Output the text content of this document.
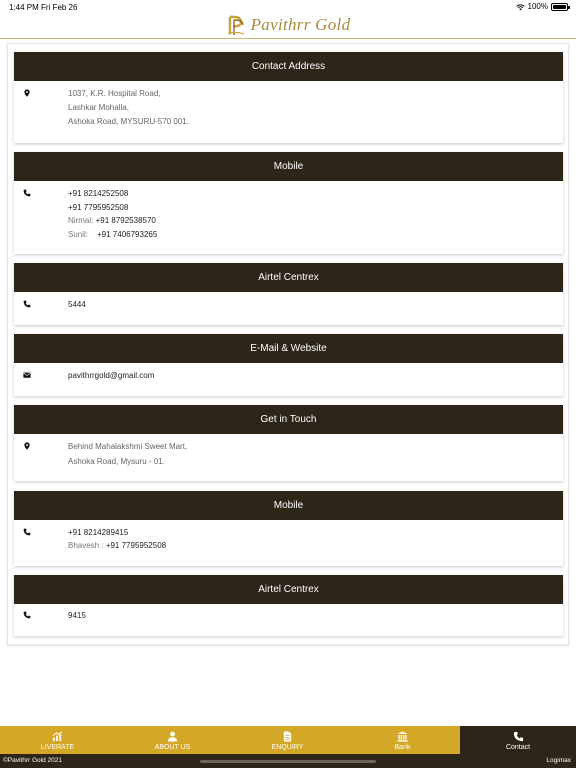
1:44 PM Fri Feb 26	100%
Pavithrr Gold
Contact Address
1037, K.R. Hospital Road,
Lashkar Mohalla,
Ashoka Road, MYSURU-570 001.
Mobile
+91 8214252508
+91 7795952508
Nirmal: +91 8792538570
Sunil: +91 7406793265
Airtel Centrex
5444
E-Mail & Website
pavithrrgold@gmail.com
Get in Touch
Behind Mahalakshmi Sweet Mart,
Ashoka Road, Mysuru - 01.
Mobile
+91 8214289415
Bhavesh : +91 7795952508
Airtel Centrex
9415
LIVERATE	ABOUT US	ENQUIRY	Bank	Contact
©Pavithrr Gold 2021	Logimax
